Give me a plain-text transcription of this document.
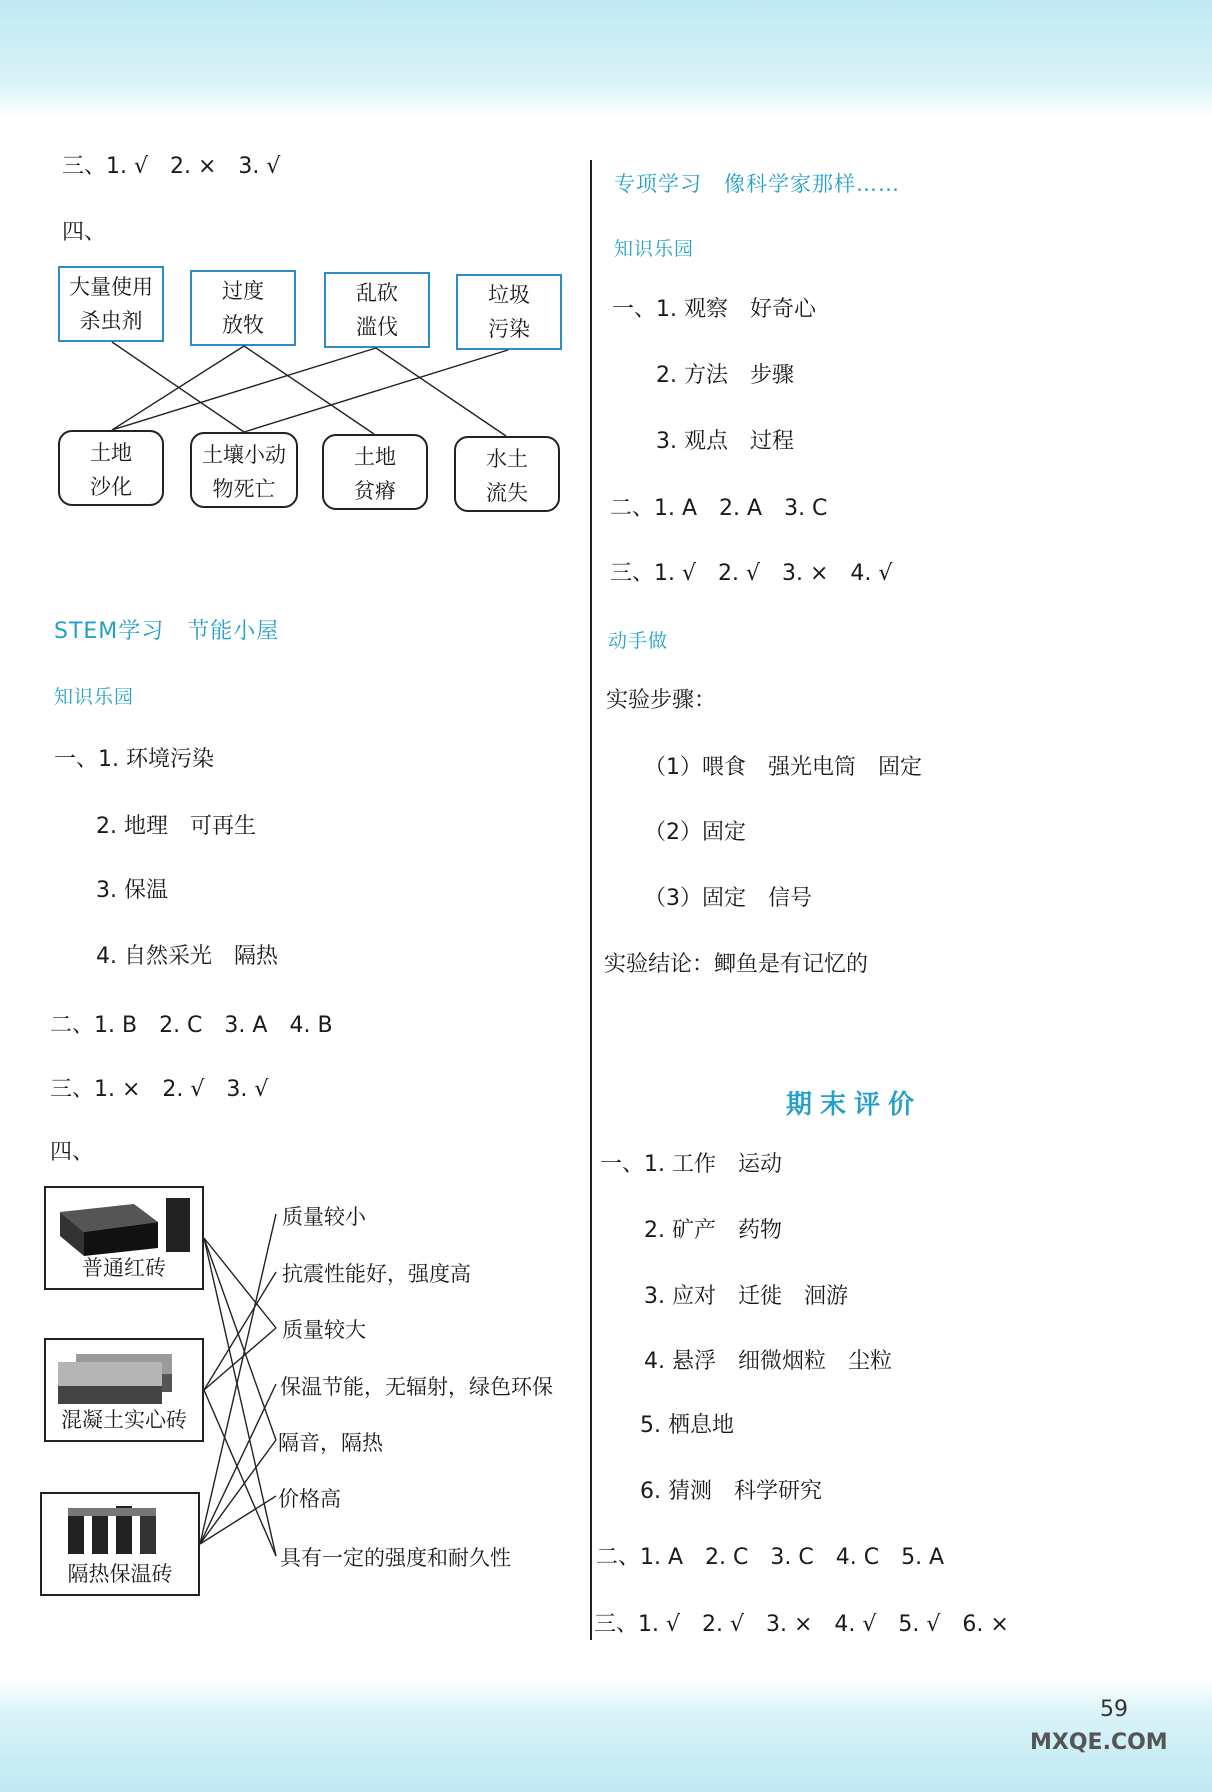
三、1. √　2. ×　3. √
四、
大量使用
杀虫剂
过度
放牧
乱砍
滥伐
垃圾
污染
土地
沙化
土壤小动
物死亡
土地
贫瘠
水土
流失
STEM学习　节能小屋
知识乐园
一、1. 环境污染
2. 地理　可再生
3. 保温
4. 自然采光　隔热
二、1. B　2. C　3. A　4. B
三、1. ×　2. √　3. √
四、
普通红砖
混凝土实心砖
隔热保温砖
质量较小
抗震性能好，强度高
质量较大
保温节能，无辐射，绿色环保
隔音，隔热
价格高
具有一定的强度和耐久性
专项学习　像科学家那样……
知识乐园
一、1. 观察　好奇心
2. 方法　步骤
3. 观点　过程
二、1. A　2. A　3. C
三、1. √　2. √　3. ×　4. √
动手做
实验步骤：
（1）喂食　强光电筒　固定
（2）固定
（3）固定　信号
实验结论：鲫鱼是有记忆的
期末评价
一、1. 工作　运动
2. 矿产　药物
3. 应对　迁徙　洄游
4. 悬浮　细微烟粒　尘粒
5. 栖息地
6. 猜测　科学研究
二、1. A　2. C　3. C　4. C　5. A
三、1. √　2. √　3. ×　4. √　5. √　6. ×
59
MXQE.COM
